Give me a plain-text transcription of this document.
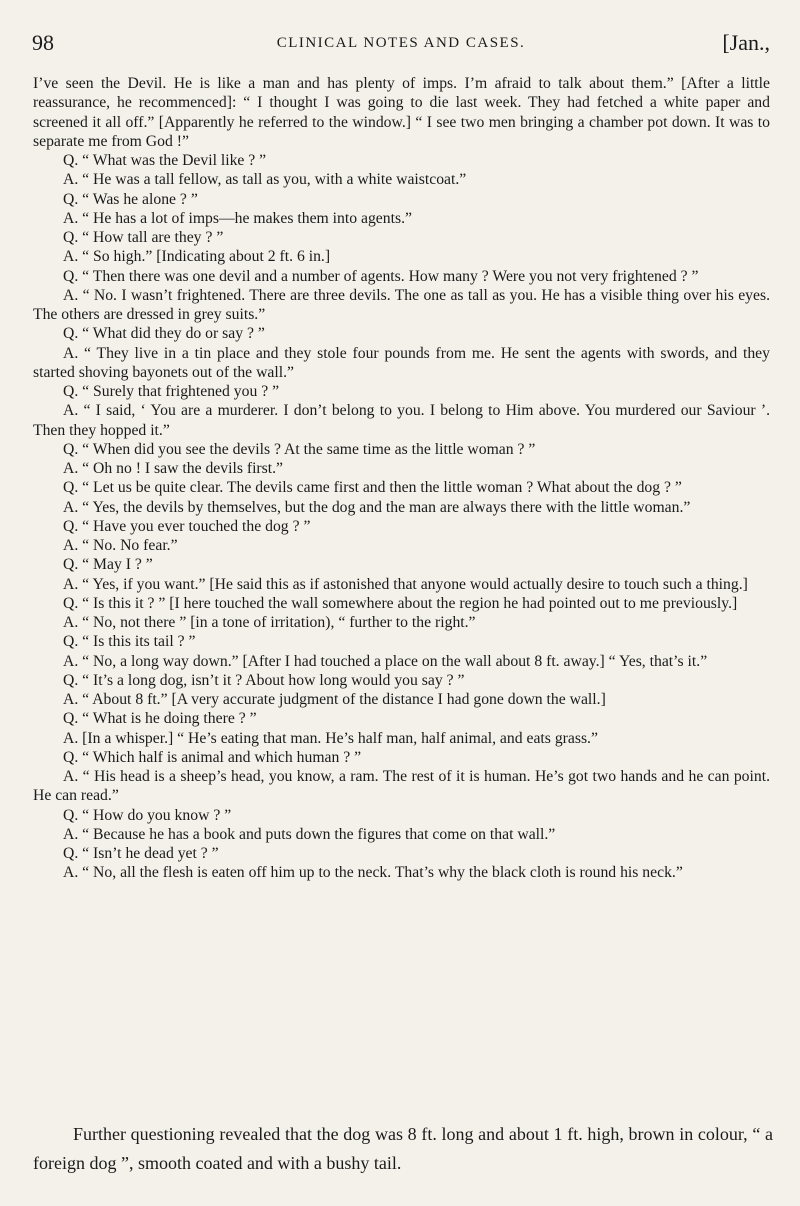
98	CLINICAL NOTES AND CASES.	[Jan.,

I’ve seen the Devil. He is like a man and has plenty of imps. I’m afraid to talk about them.” [After a little reassurance, he recommenced]: “ I thought I was going to die last week. They had fetched a white paper and screened it all off.” [Apparently he referred to the window.] “ I see two men bringing a chamber pot down. It was to separate me from God !”

Q. “ What was the Devil like ? ”

A. “ He was a tall fellow, as tall as you, with a white waistcoat.”

Q. “ Was he alone ? ”

A. “ He has a lot of imps—he makes them into agents.”

Q. “ How tall are they ? ”

A. “ So high.” [Indicating about 2 ft. 6 in.]

Q. “ Then there was one devil and a number of agents. How many ? Were you not very frightened ? ”

A. “ No. I wasn’t frightened. There are three devils. The one as tall as you. He has a visible thing over his eyes. The others are dressed in grey suits.”

Q. “ What did they do or say ? ”

A. “ They live in a tin place and they stole four pounds from me. He sent the agents with swords, and they started shoving bayonets out of the wall.”

Q. “ Surely that frightened you ? ”

A. “ I said, ‘ You are a murderer. I don’t belong to you. I belong to Him above. You murdered our Saviour ’. Then they hopped it.”

Q. “ When did you see the devils ? At the same time as the little woman ? ”

A. “ Oh no ! I saw the devils first.”

Q. “ Let us be quite clear. The devils came first and then the little woman ? What about the dog ? ”

A. “ Yes, the devils by themselves, but the dog and the man are always there with the little woman.”

Q. “ Have you ever touched the dog ? ”

A. “ No. No fear.”

Q. “ May I ? ”

A. “ Yes, if you want.” [He said this as if astonished that anyone would actually desire to touch such a thing.]

Q. “ Is this it ? ” [I here touched the wall somewhere about the region he had pointed out to me previously.]

A. “ No, not there ” [in a tone of irritation), “ further to the right.”

Q. “ Is this its tail ? ”

A. “ No, a long way down.” [After I had touched a place on the wall about 8 ft. away.] “ Yes, that’s it.”

Q. “ It’s a long dog, isn’t it ? About how long would you say ? ”

A. “ About 8 ft.” [A very accurate judgment of the distance I had gone down the wall.]

Q. “ What is he doing there ? ”

A. [In a whisper.] “ He’s eating that man. He’s half man, half animal, and eats grass.”

Q. “ Which half is animal and which human ? ”

A. “ His head is a sheep’s head, you know, a ram. The rest of it is human. He’s got two hands and he can point. He can read.”

Q. “ How do you know ? ”

A. “ Because he has a book and puts down the figures that come on that wall.”

Q. “ Isn’t he dead yet ? ”

A. “ No, all the flesh is eaten off him up to the neck. That’s why the black cloth is round his neck.”

Further questioning revealed that the dog was 8 ft. long and about 1 ft. high, brown in colour, “ a foreign dog ”, smooth coated and with a bushy tail.
